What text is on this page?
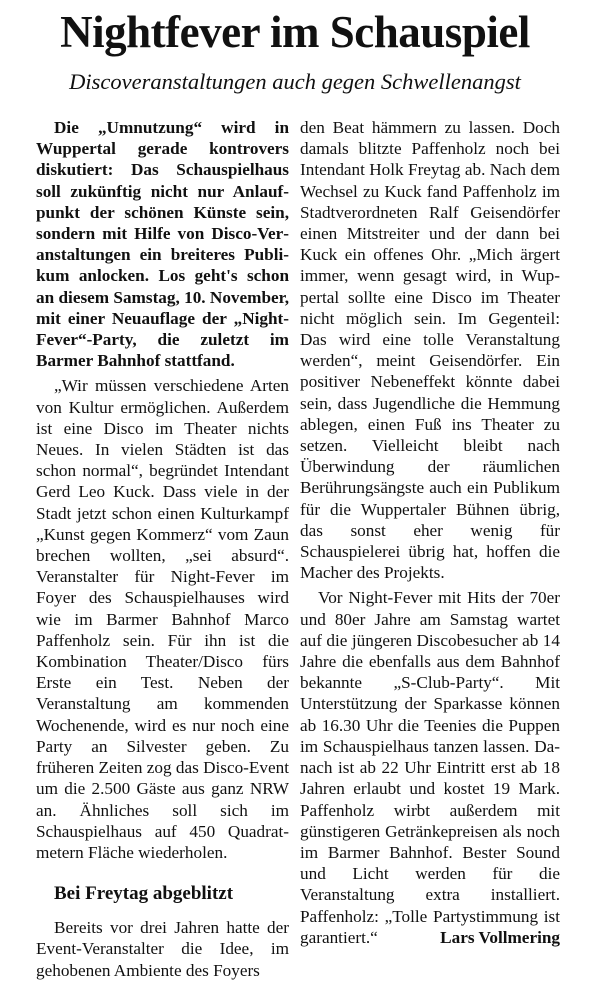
Nightfever im Schauspiel
Discoveranstaltungen auch gegen Schwellenangst

Die „Umnutzung“ wird in Wuppertal gerade kontrovers diskutiert: Das Schauspielhaus soll zukünftig nicht nur Anlaufpunkt der schönen Künste sein, sondern mit Hilfe von Disco-Veranstaltungen ein breiteres Publikum anlocken. Los geht's schon an diesem Samstag, 10. November, mit einer Neuauflage der „Night-Fever“-Party, die zuletzt im Barmer Bahnhof stattfand.

„Wir müssen verschiedene Arten von Kultur ermöglichen. Außerdem ist eine Disco im Theater nichts Neues. In vielen Städten ist das schon normal“, begründet Intendant Gerd Leo Kuck. Dass viele in der Stadt jetzt schon einen Kulturkampf „Kunst gegen Kommerz“ vom Zaun brechen wollten, „sei absurd“. Veranstalter für Night-Fever im Foyer des Schauspielhauses wird wie im Barmer Bahnhof Marco Paffenholz sein. Für ihn ist die Kombination Theater/Disco fürs Erste ein Test. Neben der Veranstaltung am kommenden Wochenende, wird es nur noch eine Party an Silvester geben. Zu früheren Zeiten zog das Disco-Event um die 2.500 Gäste aus ganz NRW an. Ähnliches soll sich im Schauspielhaus auf 450 Quadratmetern Fläche wiederholen.

Bei Freytag abgeblitzt

Bereits vor drei Jahren hatte der Event-Veranstalter die Idee, im gehobenen Ambiente des Foyers

den Beat hämmern zu lassen. Doch damals blitzte Paffenholz noch bei Intendant Holk Freytag ab. Nach dem Wechsel zu Kuck fand Paffenholz im Stadtverordneten Ralf Geisendörfer einen Mitstreiter und der dann bei Kuck ein offenes Ohr. „Mich ärgert immer, wenn gesagt wird, in Wuppertal sollte eine Disco im Theater nicht möglich sein. Im Gegenteil: Das wird eine tolle Veranstaltung werden“, meint Geisendörfer. Ein positiver Nebeneffekt könnte dabei sein, dass Jugendliche die Hemmung ablegen, einen Fuß ins Theater zu setzen. Vielleicht bleibt nach Überwindung der räumlichen Berührungsängste auch ein Publikum für die Wuppertaler Bühnen übrig, das sonst eher wenig für Schauspielerei übrig hat, hoffen die Macher des Projekts.

Vor Night-Fever mit Hits der 70er und 80er Jahre am Samstag wartet auf die jüngeren Discobesucher ab 14 Jahre die ebenfalls aus dem Bahnhof bekannte „S-Club-Party“. Mit Unterstützung der Sparkasse können ab 16.30 Uhr die Teenies die Puppen im Schauspielhaus tanzen lassen. Danach ist ab 22 Uhr Eintritt erst ab 18 Jahren erlaubt und kostet 19 Mark. Paffenholz wirbt außerdem mit günstigeren Getränkepreisen als noch im Barmer Bahnhof. Bester Sound und Licht werden für die Veranstaltung extra installiert. Paffenholz: „Tolle Partystimmung ist garantiert.“	Lars Vollmering
